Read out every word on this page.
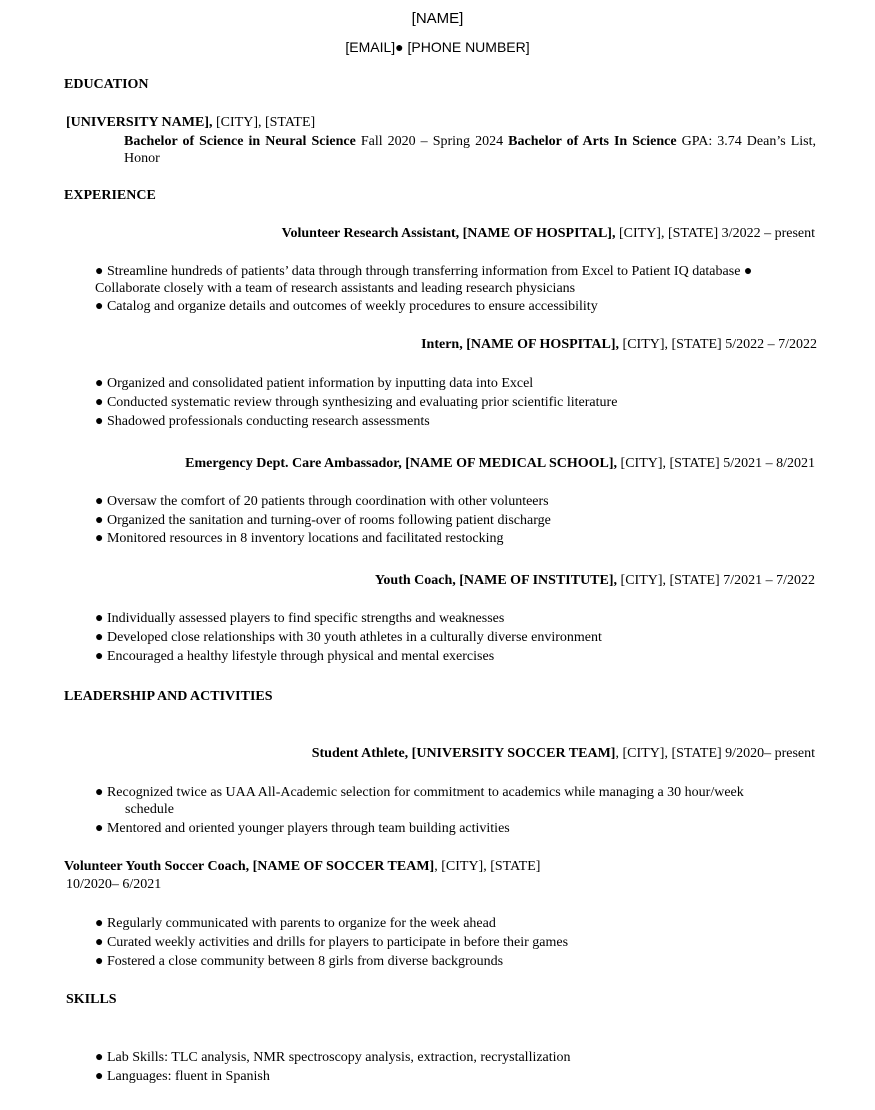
[NAME]
[EMAIL]● [PHONE NUMBER]
EDUCATION
[UNIVERSITY NAME], [CITY], [STATE]
Bachelor of Science in Neural Science Fall 2020 – Spring 2024 Bachelor of Arts In Science GPA: 3.74 Dean’s List, Honor
EXPERIENCE
Volunteer Research Assistant, [NAME OF HOSPITAL], [CITY], [STATE] 3/2022 – present
● Streamline hundreds of patients’ data through through transferring information from Excel to Patient IQ database ● Collaborate closely with a team of research assistants and leading research physicians
● Catalog and organize details and outcomes of weekly procedures to ensure accessibility
Intern, [NAME OF HOSPITAL], [CITY], [STATE] 5/2022 – 7/2022
● Organized and consolidated patient information by inputting data into Excel
● Conducted systematic review through synthesizing and evaluating prior scientific literature
● Shadowed professionals conducting research assessments
Emergency Dept. Care Ambassador, [NAME OF MEDICAL SCHOOL], [CITY], [STATE] 5/2021 – 8/2021
● Oversaw the comfort of 20 patients through coordination with other volunteers
● Organized the sanitation and turning-over of rooms following patient discharge
● Monitored resources in 8 inventory locations and facilitated restocking
Youth Coach, [NAME OF INSTITUTE], [CITY], [STATE] 7/2021 – 7/2022
● Individually assessed players to find specific strengths and weaknesses
● Developed close relationships with 30 youth athletes in a culturally diverse environment
● Encouraged a healthy lifestyle through physical and mental exercises
LEADERSHIP AND ACTIVITIES
Student Athlete, [UNIVERSITY SOCCER TEAM], [CITY], [STATE] 9/2020– present
● Recognized twice as UAA All-Academic selection for commitment to academics while managing a 30 hour/week schedule
● Mentored and oriented younger players through team building activities
Volunteer Youth Soccer Coach, [NAME OF SOCCER TEAM], [CITY], [STATE]
10/2020– 6/2021
● Regularly communicated with parents to organize for the week ahead
● Curated weekly activities and drills for players to participate in before their games
● Fostered a close community between 8 girls from diverse backgrounds
SKILLS
● Lab Skills: TLC analysis, NMR spectroscopy analysis, extraction, recrystallization
● Languages: fluent in Spanish
